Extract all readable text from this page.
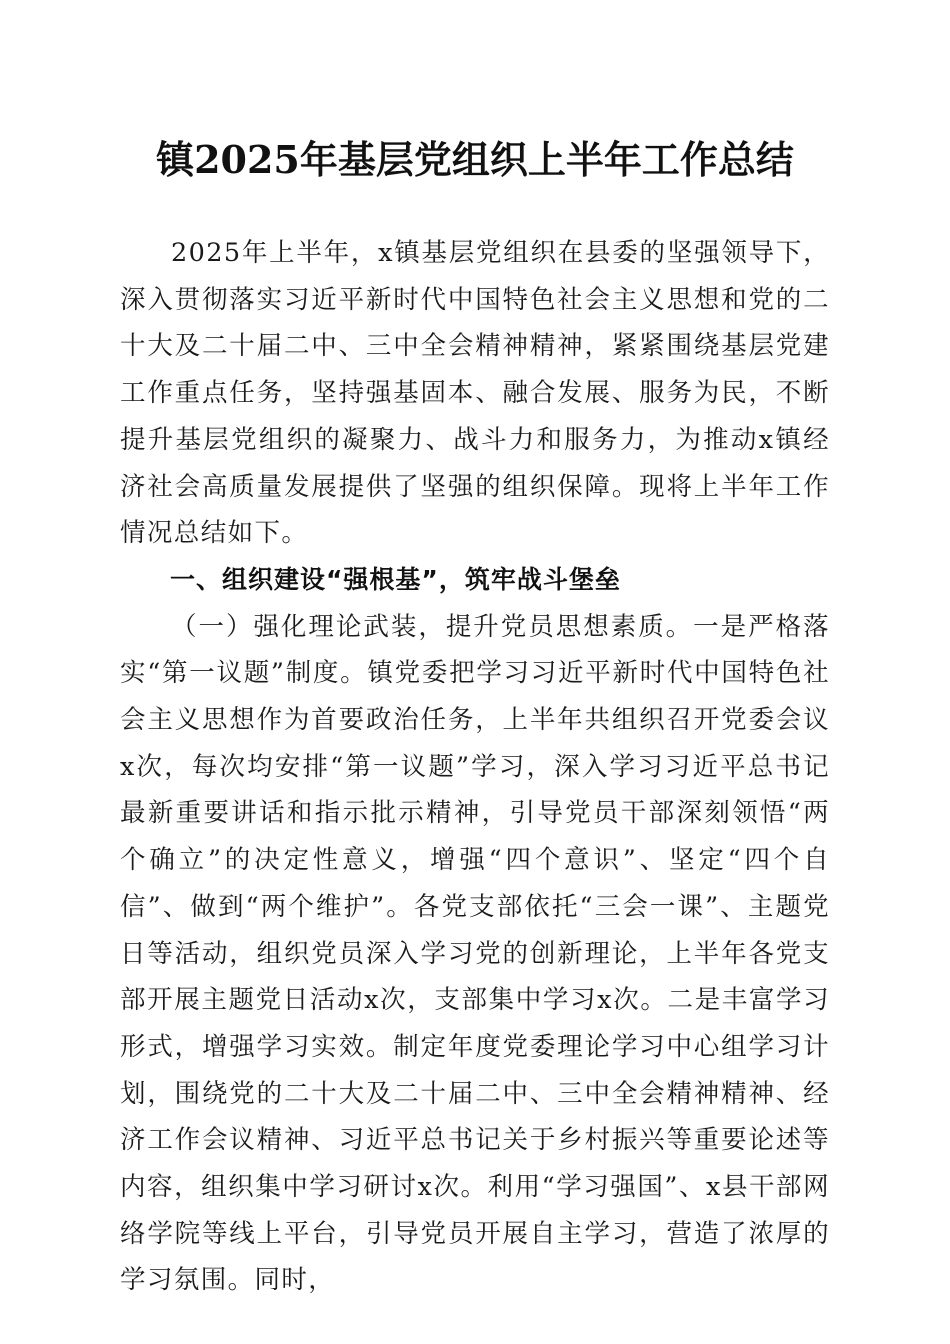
镇2025年基层党组织上半年工作总结

2025年上半年，x镇基层党组织在县委的坚强领导下，深入贯彻落实习近平新时代中国特色社会主义思想和党的二十大及二十届二中、三中全会精神精神，紧紧围绕基层党建工作重点任务，坚持强基固本、融合发展、服务为民，不断提升基层党组织的凝聚力、战斗力和服务力，为推动x镇经济社会高质量发展提供了坚强的组织保障。现将上半年工作情况总结如下。

一、组织建设“强根基”，筑牢战斗堡垒

（一）强化理论武装，提升党员思想素质。一是严格落实“第一议题”制度。镇党委把学习习近平新时代中国特色社会主义思想作为首要政治任务，上半年共组织召开党委会议x次，每次均安排“第一议题”学习，深入学习习近平总书记最新重要讲话和指示批示精神，引导党员干部深刻领悟“两个确立”的决定性意义，增强“四个意识”、坚定“四个自信”、做到“两个维护”。各党支部依托“三会一课”、主题党日等活动，组织党员深入学习党的创新理论，上半年各党支部开展主题党日活动x次，支部集中学习x次。二是丰富学习形式，增强学习实效。制定年度党委理论学习中心组学习计划，围绕党的二十大及二十届二中、三中全会精神精神、经济工作会议精神、习近平总书记关于乡村振兴等重要论述等内容，组织集中学习研讨x次。利用“学习强国”、x县干部网络学院等线上平台，引导党员开展自主学习，营造了浓厚的学习氛围。同时，
